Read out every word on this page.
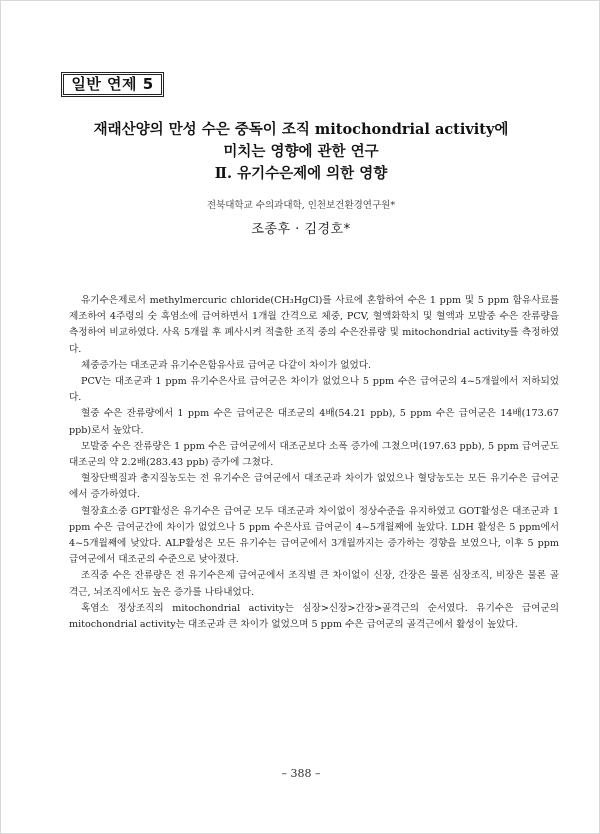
일반 연제 5
재래산양의 만성 수은 중독이 조직 mitochondrial activity에
미치는 영향에 관한 연구
Ⅱ. 유기수은제에 의한 영향
전북대학교 수의과대학, 인천보건환경연구원*
조종후 · 김경호*

유기수은제로서 methylmercuric chloride(CH₃HgCl)를 사료에 혼합하여 수은 1 ppm 및 5 ppm 함유사료를 제조하여 4주령의 숫 흑염소에 급여하면서 1개월 간격으로 체중, PCV, 혈액화학치 및 혈액과 모발중 수은 잔류량을 측정하여 비교하였다. 사육 5개월 후 폐사시켜 적출한 조직 중의 수은잔류량 및 mitochondrial activity를 측정하였다.

체중증가는 대조군과 유기수은함유사료 급여군 다같이 차이가 없었다.

PCV는 대조군과 1 ppm 유기수은사료 급여군은 차이가 없었으나 5 ppm 수은 급여군의 4~5개월에서 저하되었다.

혈중 수은 잔류량에서 1 ppm 수은 급여군은 대조군의 4배(54.21 ppb), 5 ppm 수은 급여군은 14배(173.67 ppb)로서 높았다.

모발중 수은 잔류량은 1 ppm 수은 급여군에서 대조군보다 소폭 증가에 그쳤으며(197.63 ppb), 5 ppm 급여군도 대조군의 약 2.2배(283.43 ppb) 증가에 그쳤다.

혈장단백질과 총지질농도는 전 유기수은 급여군에서 대조군과 차이가 없었으나 혈당농도는 모든 유기수은 급여군에서 증가하였다.

혈장효소중 GPT활성은 유기수은 급여군 모두 대조군과 차이없이 정상수준을 유지하였고 GOT활성은 대조군과 1 ppm 수은 급여군간에 차이가 없었으나 5 ppm 수은사료 급여군이 4~5개월째에 높았다. LDH 활성은 5 ppm에서 4~5개월째에 낮았다. ALP활성은 모든 유기수는 급여군에서 3개월까지는 증가하는 경향을 보였으나, 이후 5 ppm 급여군에서 대조군의 수준으로 낮아졌다.

조직중 수은 잔류량은 전 유기수은제 급여군에서 조직별 큰 차이없이 신장, 간장은 물론 심장조직, 비장은 물론 골격근, 뇌조직에서도 높은 증가를 나타내었다.

혹염소 정상조직의 mitochondrial activity는 심장>신장>간장>골격근의 순서였다. 유기수은 급여군의 mitochondrial activity는 대조군과 큰 차이가 없었으며 5 ppm 수은 급여군의 골격근에서 활성이 높았다.

– 388 –
